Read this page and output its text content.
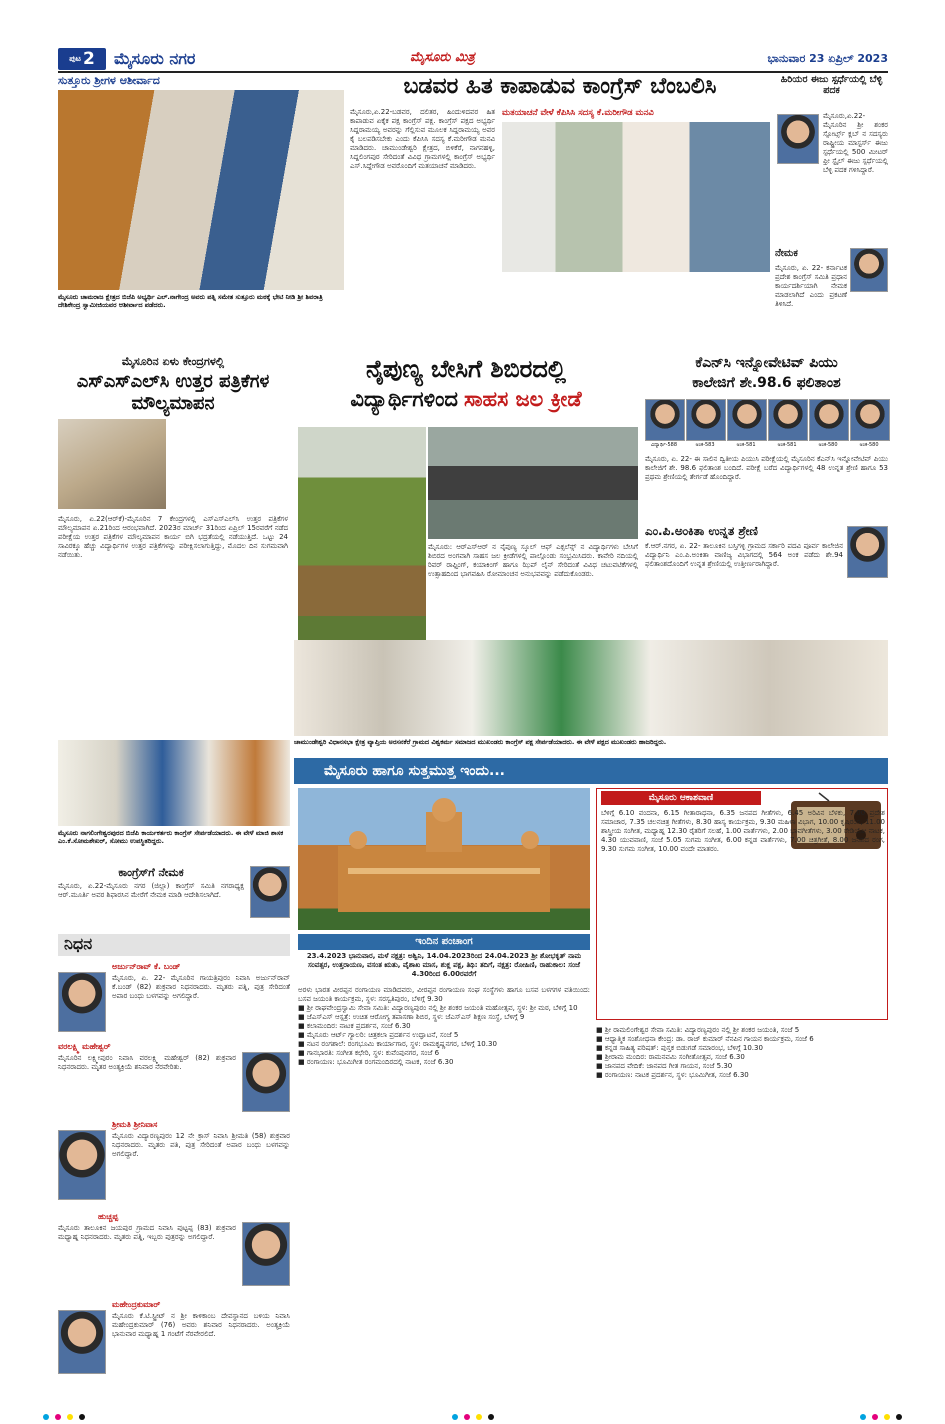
ಪುಟ 2 ಮೈಸೂರು ನಗರ	ಮೈಸೂರು ಮಿತ್ರ	ಭಾನುವಾರ 23 ಏಪ್ರಿಲ್ 2023
ಸುತ್ತೂರು ಶ್ರೀಗಳ ಆಶೀರ್ವಾದ
ಮೈಸೂರು ಚಾಮರಾಜ ಕ್ಷೇತ್ರದ ಬಿಜೆಪಿ ಅಭ್ಯರ್ಥಿ ಎಲ್.ನಾಗೇಂದ್ರ ಅವರು ಪತ್ನಿ ಸಮೇತ ಸುತ್ತೂರು ಮಠಕ್ಕೆ ಭೇಟಿ ನೀಡಿ ಶ್ರೀ ಶಿವರಾತ್ರಿ ದೇಶಿಕೇಂದ್ರ ಸ್ವಾಮೀಜಿಯವರ ಆಶೀರ್ವಾದ ಪಡೆದರು.
ಬಡವರ ಹಿತ ಕಾಪಾಡುವ ಕಾಂಗ್ರೆಸ್ ಬೆಂಬಲಿಸಿ
ಮೈಸೂರು,ಏ.22-ಬಡವರ, ದಲಿತರ, ಹಿಂದುಳಿದವರ ಹಿತ ಕಾಪಾಡುವ ಏಕೈಕ ಪಕ್ಷ ಕಾಂಗ್ರೆಸ್ ಪಕ್ಷ. ಕಾಂಗ್ರೆಸ್ ಪಕ್ಷದ ಅಭ್ಯರ್ಥಿ ಸಿದ್ದರಾಮಯ್ಯ ಅವರನ್ನು ಗೆಲ್ಲಿಸುವ ಮೂಲಕ ಸಿದ್ದರಾಮಯ್ಯ ಅವರ ಕೈ ಬಲಪಡಿಸಬೇಕು ಎಂದು ಕೆಪಿಸಿಸಿ ಸದಸ್ಯ ಕೆ.ಮರೀಗೌಡ ಮನವಿ ಮಾಡಿದರು. ಚಾಮುಂಡೇಶ್ವರಿ ಕ್ಷೇತ್ರದ, ಬಿಳಿಕೆರೆ, ನಾಗನಹಳ್ಳಿ, ಸಿದ್ದಲಿಂಗಪುರ ಸೇರಿದಂತೆ ವಿವಿಧ ಗ್ರಾಮಗಳಲ್ಲಿ ಕಾಂಗ್ರೆಸ್ ಅಭ್ಯರ್ಥಿ ಎಸ್.ಸಿದ್ದೇಗೌಡ ಅವರೊಂದಿಗೆ ಮತಯಾಚನೆ ಮಾಡಿದರು.
ಮತಯಾಚನೆ ವೇಳೆ ಕೆಪಿಸಿಸಿ ಸದಸ್ಯ ಕೆ.ಮರೀಗೌಡ ಮನವಿ
ಹಿರಿಯರ ಈಜು ಸ್ಪರ್ಧೆಯಲ್ಲಿ ಬೆಳ್ಳಿ ಪದಕ
ಮೈಸೂರು,ಏ.22-ಮೈಸೂರಿನ ಶ್ರೀ ಶಂಕರ ಸ್ಪೋರ್ಟ್ಸ್ ಕ್ಲಬ್ ನ ಸದಸ್ಯರು ರಾಷ್ಟ್ರೀಯ ಮಾಸ್ಟರ್ಸ್ ಈಜು ಸ್ಪರ್ಧೆಯಲ್ಲಿ 500 ಮೀಟರ್ ಫ್ರೀ ಸ್ಟೈಲ್ ಈಜು ಸ್ಪರ್ಧೆಯಲ್ಲಿ ಬೆಳ್ಳಿ ಪದಕ ಗಳಿಸಿದ್ದಾರೆ.
ನೇಮಕ
ಮೈಸೂರು, ಏ. 22- ಕರ್ನಾಟಕ ಪ್ರದೇಶ ಕಾಂಗ್ರೆಸ್ ಸಮಿತಿ ಪ್ರಧಾನ ಕಾರ್ಯದರ್ಶಿಯಾಗಿ ನೇಮಕ ಮಾಡಲಾಗಿದೆ ಎಂದು ಪ್ರಕಟಣೆ ತಿಳಿಸಿದೆ.
ಮೈಸೂರಿನ ಏಳು ಕೇಂದ್ರಗಳಲ್ಲಿ
ಎಸ್ಎಸ್ಎಲ್‌ಸಿ ಉತ್ತರ ಪತ್ರಿಕೆಗಳ ಮೌಲ್ಯಮಾಪನ
ಮೈಸೂರು, ಏ.22(ಆರ್‌ಕೆ)-ಮೈಸೂರಿನ 7 ಕೇಂದ್ರಗಳಲ್ಲಿ ಎಸ್ಎಸ್ಎಲ್‌ಸಿ ಉತ್ತರ ಪತ್ರಿಕೆಗಳ ಮೌಲ್ಯಮಾಪನ ಏ.21ರಿಂದ ಆರಂಭವಾಗಿದೆ. 2023ರ ಮಾರ್ಚ್ 31ರಿಂದ ಏಪ್ರಿಲ್ 15ರವರೆಗೆ ನಡೆದ ಪರೀಕ್ಷೆಯ ಉತ್ತರ ಪತ್ರಿಕೆಗಳ ಮೌಲ್ಯಮಾಪನ ಕಾರ್ಯ ಬಿಗಿ ಭದ್ರತೆಯಲ್ಲಿ ನಡೆಯುತ್ತಿದೆ. ಒಟ್ಟು 24 ಸಾವಿರಕ್ಕೂ ಹೆಚ್ಚು ವಿದ್ಯಾರ್ಥಿಗಳ ಉತ್ತರ ಪತ್ರಿಕೆಗಳನ್ನು ಪರೀಕ್ಷಿಸಲಾಗುತ್ತಿದ್ದು, ಮೊದಲ ದಿನ ಸುಗಮವಾಗಿ ನಡೆಯಿತು.
ನೈಪುಣ್ಯ ಬೇಸಿಗೆ ಶಿಬಿರದಲ್ಲಿ
ವಿದ್ಯಾರ್ಥಿಗಳಿಂದ ಸಾಹಸ ಜಲ ಕ್ರೀಡೆ
ಮೈಸೂರು: ಆರ್‌ಎಸ್‌ಆರ್ ನ ನೈಪುಣ್ಯ ಸ್ಕೂಲ್ ಆಫ್ ಎಕ್ಸಲೆನ್ಸ್ ನ ವಿದ್ಯಾರ್ಥಿಗಳು ಬೇಸಿಗೆ ಶಿಬಿರದ ಅಂಗವಾಗಿ ಸಾಹಸ ಜಲ ಕ್ರೀಡೆಗಳಲ್ಲಿ ಪಾಲ್ಗೊಂಡು ಸಂಭ್ರಮಿಸಿದರು. ಕಾವೇರಿ ನದಿಯಲ್ಲಿ ರಿವರ್ ರಾಫ್ಟಿಂಗ್, ಕಯಾಕಿಂಗ್ ಹಾಗೂ ಝಿಪ್ ಲೈನ್ ಸೇರಿದಂತೆ ವಿವಿಧ ಚಟುವಟಿಕೆಗಳಲ್ಲಿ ಉತ್ಸಾಹದಿಂದ ಭಾಗವಹಿಸಿ ರೋಮಾಂಚನ ಅನುಭವವನ್ನು ಪಡೆದುಕೊಂಡರು.
ಕೆಎನ್‌ಸಿ ಇನ್ನೋವೇಟಿವ್ ಪಿಯು
ಕಾಲೇಜಿಗೆ ಶೇ.98.6 ಫಲಿತಾಂಶ
ವಿದ್ಯಾರ್ಥಿ-588	ಅಂಕ-583	ಅಂಕ-581	ಅಂಕ-581	ಅಂಕ-580	ಅಂಕ-580
ಮೈಸೂರು, ಏ. 22- ಈ ಸಾಲಿನ ದ್ವಿತೀಯ ಪಿಯುಸಿ ಪರೀಕ್ಷೆಯಲ್ಲಿ ಮೈಸೂರಿನ ಕೆಎನ್‌ಸಿ ಇನ್ನೋವೇಟಿವ್ ಪಿಯು ಕಾಲೇಜಿಗೆ ಶೇ. 98.6 ಫಲಿತಾಂಶ ಬಂದಿದೆ. ಪರೀಕ್ಷೆ ಬರೆದ ವಿದ್ಯಾರ್ಥಿಗಳಲ್ಲಿ 48 ಉನ್ನತ ಶ್ರೇಣಿ ಹಾಗೂ 53 ಪ್ರಥಮ ಶ್ರೇಣಿಯಲ್ಲಿ ತೇರ್ಗಡೆ ಹೊಂದಿದ್ದಾರೆ.
ಎಂ.ಪಿ.ಅಂಕಿತಾ ಉನ್ನತ ಶ್ರೇಣಿ
ಕೆ.ಆರ್.ನಗರ, ಏ. 22- ತಾಲೂಕಿನ ಬಸ್ತಿಗಳ್ಳಿ ಗ್ರಾಮದ ಸರ್ಕಾರಿ ಪದವಿ ಪೂರ್ವ ಕಾಲೇಜಿನ ವಿದ್ಯಾರ್ಥಿನಿ ಎಂ.ಪಿ.ಅಂಕಿತಾ ವಾಣಿಜ್ಯ ವಿಭಾಗದಲ್ಲಿ 564 ಅಂಕ ಪಡೆದು ಶೇ.94 ಫಲಿತಾಂಶದೊಂದಿಗೆ ಉನ್ನತ ಶ್ರೇಣಿಯಲ್ಲಿ ಉತ್ತೀರ್ಣರಾಗಿದ್ದಾರೆ.
ಚಾಮುಂಡೇಶ್ವರಿ ವಿಧಾನಸಭಾ ಕ್ಷೇತ್ರ ವ್ಯಾಪ್ತಿಯ ಅರಸನಕೆರೆ ಗ್ರಾಮದ ವಿಶ್ವಕರ್ಮ ಸಮಾಜದ ಮುಖಂಡರು ಕಾಂಗ್ರೆಸ್ ಪಕ್ಷ ಸೇರ್ಪಡೆಯಾದರು. ಈ ವೇಳೆ ಪಕ್ಷದ ಮುಖಂಡರು ಹಾಜರಿದ್ದರು.
ಮೈಸೂರು ನಾಗಲಿಂಗೇಶ್ವರಪುರದ ಬಿಜೆಪಿ ಕಾರ್ಯಕರ್ತರು ಕಾಂಗ್ರೆಸ್ ಸೇರ್ಪಡೆಯಾದರು. ಈ ವೇಳೆ ಮಾಜಿ ಶಾಸಕ ಎಂ.ಕೆ.ಸೋಮಶೇಖರ್, ಸೋಮು ಉಪಸ್ಥಿತರಿದ್ದರು.
ಕಾಂಗ್ರೆಸ್‌ಗೆ ನೇಮಕ
ಮೈಸೂರು, ಏ.22-ಮೈಸೂರು ನಗರ (ಜಿಲ್ಲಾ) ಕಾಂಗ್ರೆಸ್ ಸಮಿತಿ ನಗರಾಧ್ಯಕ್ಷ ಆರ್.ಮೂರ್ತಿ ಅವರ ಶಿಫಾರಸಿನ ಮೇರೆಗೆ ನೇಮಕ ಮಾಡಿ ಆದೇಶಿಸಲಾಗಿದೆ.
ನಿಧನ
ಅರ್ಜುನ್‌ರಾವ್ ಕೆ. ಬಂಡ್
ಮೈಸೂರು, ಏ. 22- ಮೈಸೂರಿನ ಗಾಯತ್ರಿಪುರಂ ನಿವಾಸಿ ಅರ್ಜುನ್‌ರಾವ್ ಕೆ.ಬಂಡ್ (82) ಶುಕ್ರವಾರ ನಿಧನರಾದರು. ಮೃತರು ಪತ್ನಿ, ಪುತ್ರ ಸೇರಿದಂತೆ ಅಪಾರ ಬಂಧು ಬಳಗವನ್ನು ಅಗಲಿದ್ದಾರೆ.
ವರಲಕ್ಷ್ಮಿ ಮಹೇಶ್ವರ್
ಮೈಸೂರಿನ ಲಕ್ಷ್ಮೀಪುರಂ ನಿವಾಸಿ ವರಲಕ್ಷ್ಮಿ ಮಹೇಶ್ವರ್ (82) ಶುಕ್ರವಾರ ನಿಧನರಾದರು. ಮೃತರ ಅಂತ್ಯಕ್ರಿಯೆ ಶನಿವಾರ ನೆರವೇರಿತು.
ಶ್ರೀಮತಿ ಶ್ರೀನಿವಾಸ
ಮೈಸೂರು ವಿದ್ಯಾರಣ್ಯಪುರಂ 12 ನೇ ಕ್ರಾಸ್ ನಿವಾಸಿ ಶ್ರೀಮತಿ (58) ಶುಕ್ರವಾರ ನಿಧನರಾದರು. ಮೃತರು ಪತಿ, ಪುತ್ರ ಸೇರಿದಂತೆ ಅಪಾರ ಬಂಧು ಬಳಗವನ್ನು ಅಗಲಿದ್ದಾರೆ.
ಹುಚ್ಚಪ್ಪ
ಮೈಸೂರು ತಾಲೂಕಿನ ಜಯಪುರ ಗ್ರಾಮದ ನಿವಾಸಿ ಪುಟ್ಟಪ್ಪ (83) ಶುಕ್ರವಾರ ಮಧ್ಯಾಹ್ನ ನಿಧನರಾದರು. ಮೃತರು ಪತ್ನಿ, ಇಬ್ಬರು ಪುತ್ರರನ್ನು ಅಗಲಿದ್ದಾರೆ.
ಮಹೇಂದ್ರಕುಮಾರ್
ಮೈಸೂರು ಕೆ.ಟಿ.ಸ್ಟ್ರೀಟ್ ನ ಶ್ರೀ ಕಾಳಿಕಾಂಬ ದೇವಸ್ಥಾನದ ಬಳಿಯ ನಿವಾಸಿ ಮಹೇಂದ್ರಕುಮಾರ್ (76) ಅವರು ಶನಿವಾರ ನಿಧನರಾದರು. ಅಂತ್ಯಕ್ರಿಯೆ ಭಾನುವಾರ ಮಧ್ಯಾಹ್ನ 1 ಗಂಟೆಗೆ ನೆರವೇರಲಿದೆ.
ಮೈಸೂರು ಹಾಗೂ ಸುತ್ತಮುತ್ತ ಇಂದು...
ಇಂದಿನ ಪಂಚಾಂಗ
23.4.2023 ಭಾನುವಾರ, ಮಳೆ ನಕ್ಷತ್ರ: ಅಶ್ವಿನಿ, 14.04.2023ರಿಂದ 24.04.2023 ಶ್ರೀ ಶೋಭಕೃತ್ ನಾಮ ಸಂವತ್ಸರ, ಉತ್ತರಾಯಣ, ವಸಂತ ಋತು, ವೈಶಾಖ ಮಾಸ, ಶುಕ್ಲ ಪಕ್ಷ, ತಿಥಿ: ತದಿಗೆ, ನಕ್ಷತ್ರ: ರೋಹಿಣಿ, ರಾಹುಕಾಲ: ಸಂಜೆ 4.30ರಿಂದ 6.00ರವರೆಗೆ
ಅರಳು ಭಾರತ ವೀರಪ್ಪನ ರಂಗಾಯಣ ಮಾಡಿದವರು, ವೀರಪ್ಪನ ರಂಗಾಯಣ ಸಂಘ ಸಂಸ್ಥೆಗಳು ಹಾಗೂ ಬಸವ ಬಳಗಗಳ ವತಿಯಿಂದ: ಬಸವ ಜಯಂತಿ ಕಾರ್ಯಕ್ರಮ, ಸ್ಥಳ: ಸರಸ್ವತಿಪುರಂ, ಬೆಳಿಗ್ಗೆ 9.30
■ ಶ್ರೀ ರಾಘವೇಂದ್ರಸ್ವಾಮಿ ಸೇವಾ ಸಮಿತಿ: ವಿದ್ಯಾರಣ್ಯಪುರಂ ನಲ್ಲಿ ಶ್ರೀ ಶಂಕರ ಜಯಂತಿ ಮಹೋತ್ಸವ, ಸ್ಥಳ: ಶ್ರೀ ಮಠ, ಬೆಳಿಗ್ಗೆ 10
■ ಜೆಎಸ್‌ಎಸ್ ಆಸ್ಪತ್ರೆ: ಉಚಿತ ಆರೋಗ್ಯ ತಪಾಸಣಾ ಶಿಬಿರ, ಸ್ಥಳ: ಜೆಎಸ್‌ಎಸ್ ಶಿಕ್ಷಣ ಸಂಸ್ಥೆ, ಬೆಳಿಗ್ಗೆ 9
■ ಕಲಾಮಂದಿರ: ನಾಟಕ ಪ್ರದರ್ಶನ, ಸಂಜೆ 6.30
■ ಮೈಸೂರು ಆರ್ಟ್ ಗ್ಯಾಲರಿ: ಚಿತ್ರಕಲಾ ಪ್ರದರ್ಶನ ಉದ್ಘಾಟನೆ, ಸಂಜೆ 5
■ ನಟನ ರಂಗಶಾಲೆ: ರಂಗಭೂಮಿ ಕಾರ್ಯಾಗಾರ, ಸ್ಥಳ: ರಾಮಕೃಷ್ಣನಗರ, ಬೆಳಿಗ್ಗೆ 10.30
■ ಗಾನಭಾರತಿ: ಸಂಗೀತ ಕಛೇರಿ, ಸ್ಥಳ: ಕುವೆಂಪುನಗರ, ಸಂಜೆ 6
■ ರಂಗಾಯಣ: ಭೂಮಿಗೀತ ರಂಗಮಂದಿರದಲ್ಲಿ ನಾಟಕ, ಸಂಜೆ 6.30
ಮೈಸೂರು ಆಕಾಶವಾಣಿ
ಬೆಳಿಗ್ಗೆ 6.10 ವಂದನಾ, 6.15 ಗೀತಾರಾಧನಾ, 6.35 ಜನಪದ ಗೀತೆಗಳು, 6.45 ಅರಿವಿನ ಬೆಳಕು, 7.00 ಪ್ರದೇಶ ಸಮಾಚಾರ, 7.35 ಚಲನಚಿತ್ರ ಗೀತೆಗಳು, 8.30 ಹಾಸ್ಯ ಕಾರ್ಯಕ್ರಮ, 9.30 ಮಹಿಳಾ ವಿಭಾಗ, 10.00 ಕೃಷಿರಂಗ, 11.00 ಶಾಸ್ತ್ರೀಯ ಸಂಗೀತ, ಮಧ್ಯಾಹ್ನ 12.30 ರೈತರಿಗೆ ಸಲಹೆ, 1.00 ವಾರ್ತೆಗಳು, 2.00 ಭಾವಗೀತೆಗಳು, 3.00 ರೇಡಿಯೋ ನಾಟಕ, 4.30 ಯುವವಾಣಿ, ಸಂಜೆ 5.05 ಸುಗಮ ಸಂಗೀತ, 6.00 ಕನ್ನಡ ವಾರ್ತೆಗಳು, 7.00 ಚಿತ್ರಗೀತೆ, 8.00 ಜನಪದ ರಂಗ, 9.30 ಸುಗಮ ಸಂಗೀತ, 10.00 ವಂದೇ ಮಾತರಂ.
■ ಶ್ರೀ ರಾಮಲಿಂಗೇಶ್ವರ ಸೇವಾ ಸಮಿತಿ: ವಿದ್ಯಾರಣ್ಯಪುರಂ ನಲ್ಲಿ ಶ್ರೀ ಶಂಕರ ಜಯಂತಿ, ಸಂಜೆ 5
■ ಆಧ್ಯಾತ್ಮಿಕ ಸಂಶೋಧನಾ ಕೇಂದ್ರ: ಡಾ. ರಾಜ್ ಕುಮಾರ್ ನೆನಪಿನ ಗಾಯನ ಕಾರ್ಯಕ್ರಮ, ಸಂಜೆ 6
■ ಕನ್ನಡ ಸಾಹಿತ್ಯ ಪರಿಷತ್: ಪುಸ್ತಕ ಬಿಡುಗಡೆ ಸಮಾರಂಭ, ಬೆಳಿಗ್ಗೆ 10.30
■ ಶ್ರೀರಾಮ ಮಂದಿರ: ರಾಮನವಮಿ ಸಂಗೀತೋತ್ಸವ, ಸಂಜೆ 6.30
■ ಜಾನಪದ ವೇದಿಕೆ: ಜಾನಪದ ಗೀತ ಗಾಯನ, ಸಂಜೆ 5.30
■ ರಂಗಾಯಣ: ನಾಟಕ ಪ್ರದರ್ಶನ, ಸ್ಥಳ: ಭೂಮಿಗೀತ, ಸಂಜೆ 6.30
